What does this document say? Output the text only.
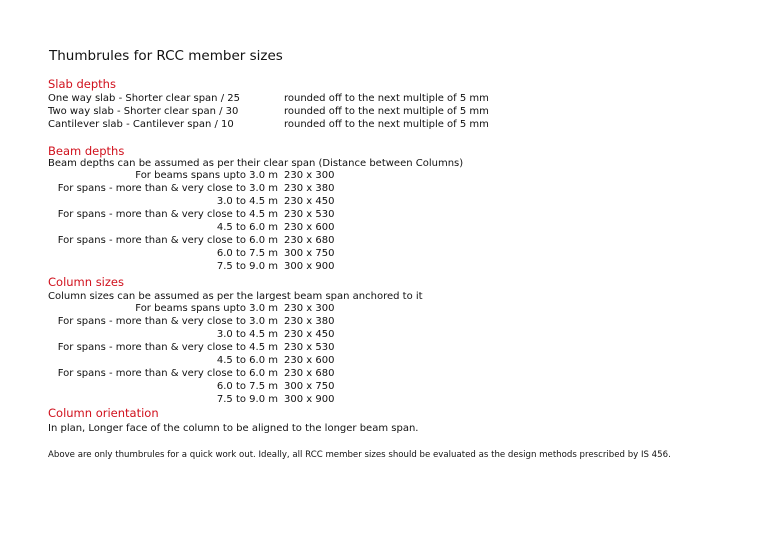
Thumbrules for RCC member sizes
Slab depths
One way slab - Shorter clear span / 25	rounded off to the next multiple of 5 mm
Two way slab - Shorter clear span / 30	rounded off to the next multiple of 5 mm
Cantilever slab - Cantilever span / 10	rounded off to the next multiple of 5 mm
Beam depths
Beam depths can be assumed as per their clear span (Distance between Columns)
For beams spans upto 3.0 m 230 x 300
For spans - more than & very close to 3.0 m 230 x 380
3.0 to 4.5 m 230 x 450
For spans - more than & very close to 4.5 m 230 x 530
4.5 to 6.0 m 230 x 600
For spans - more than & very close to 6.0 m 230 x 680
6.0 to 7.5 m 300 x 750
7.5 to 9.0 m 300 x 900
Column sizes
Column sizes can be assumed as per the largest beam span anchored to it
For beams spans upto 3.0 m 230 x 300
For spans - more than & very close to 3.0 m 230 x 380
3.0 to 4.5 m 230 x 450
For spans - more than & very close to 4.5 m 230 x 530
4.5 to 6.0 m 230 x 600
For spans - more than & very close to 6.0 m 230 x 680
6.0 to 7.5 m 300 x 750
7.5 to 9.0 m 300 x 900
Column orientation
In plan, Longer face of the column to be aligned to the longer beam span.
Above are only thumbrules for a quick work out. Ideally, all RCC member sizes should be evaluated as the design methods prescribed by IS 456.
